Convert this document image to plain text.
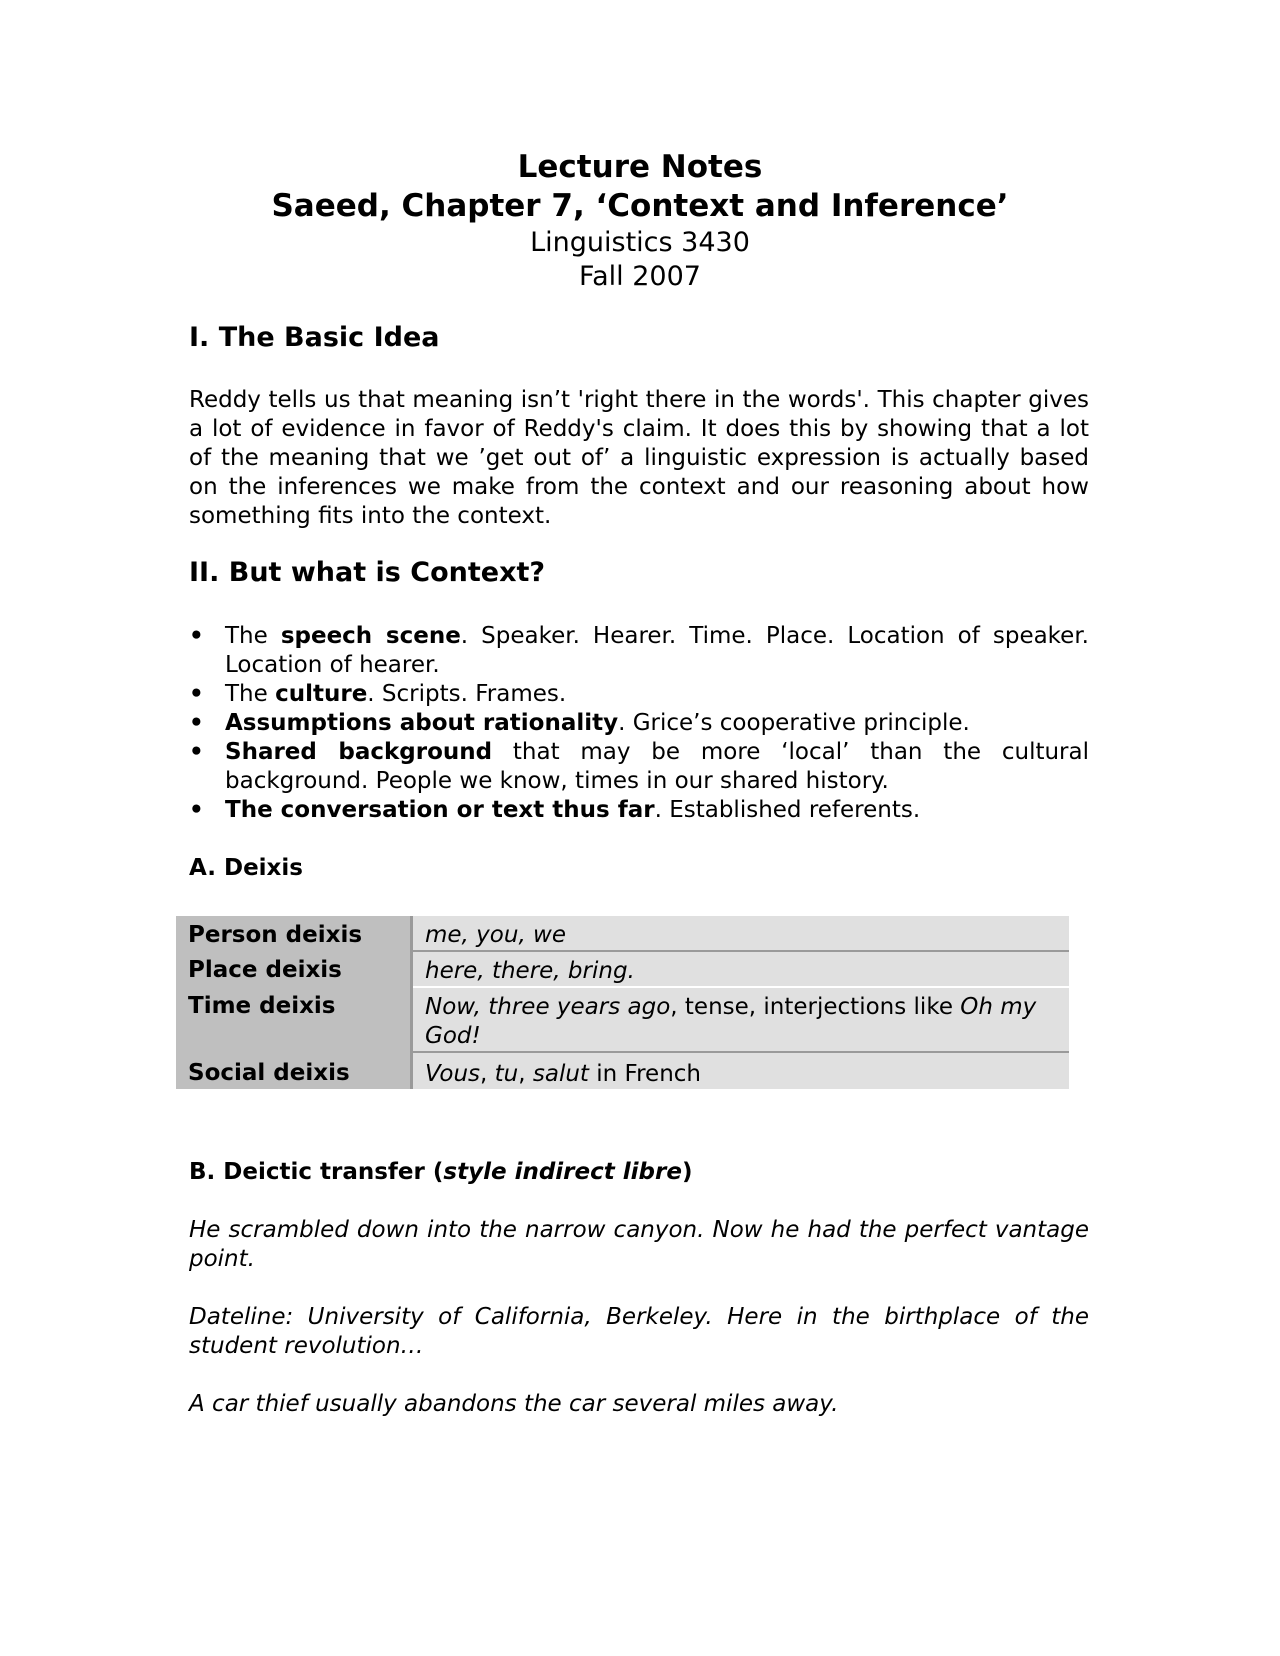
Lecture Notes
Saeed, Chapter 7, ‘Context and Inference’
Linguistics 3430
Fall 2007
I. The Basic Idea
Reddy tells us that meaning isn’t 'right there in the words'. This chapter gives a lot of evidence in favor of Reddy's claim. It does this by showing that a lot of the meaning that we ’get out of’ a linguistic expression is actually based on the inferences we make from the context and our reasoning about how something fits into the context.
II. But what is Context?
• The speech scene. Speaker. Hearer. Time. Place. Location of speaker. Location of hearer.
• The culture. Scripts. Frames.
• Assumptions about rationality. Grice’s cooperative principle.
• Shared background that may be more ‘local’ than the cultural background. People we know, times in our shared history.
• The conversation or text thus far. Established referents.
A. Deixis
Person deixis	me, you, we
Place deixis	here, there, bring.
Time deixis	Now, three years ago, tense, interjections like Oh my God!
Social deixis	Vous, tu, salut in French
B. Deictic transfer (style indirect libre)
He scrambled down into the narrow canyon. Now he had the perfect vantage point.
Dateline: University of California, Berkeley. Here in the birthplace of the student revolution…
A car thief usually abandons the car several miles away.
